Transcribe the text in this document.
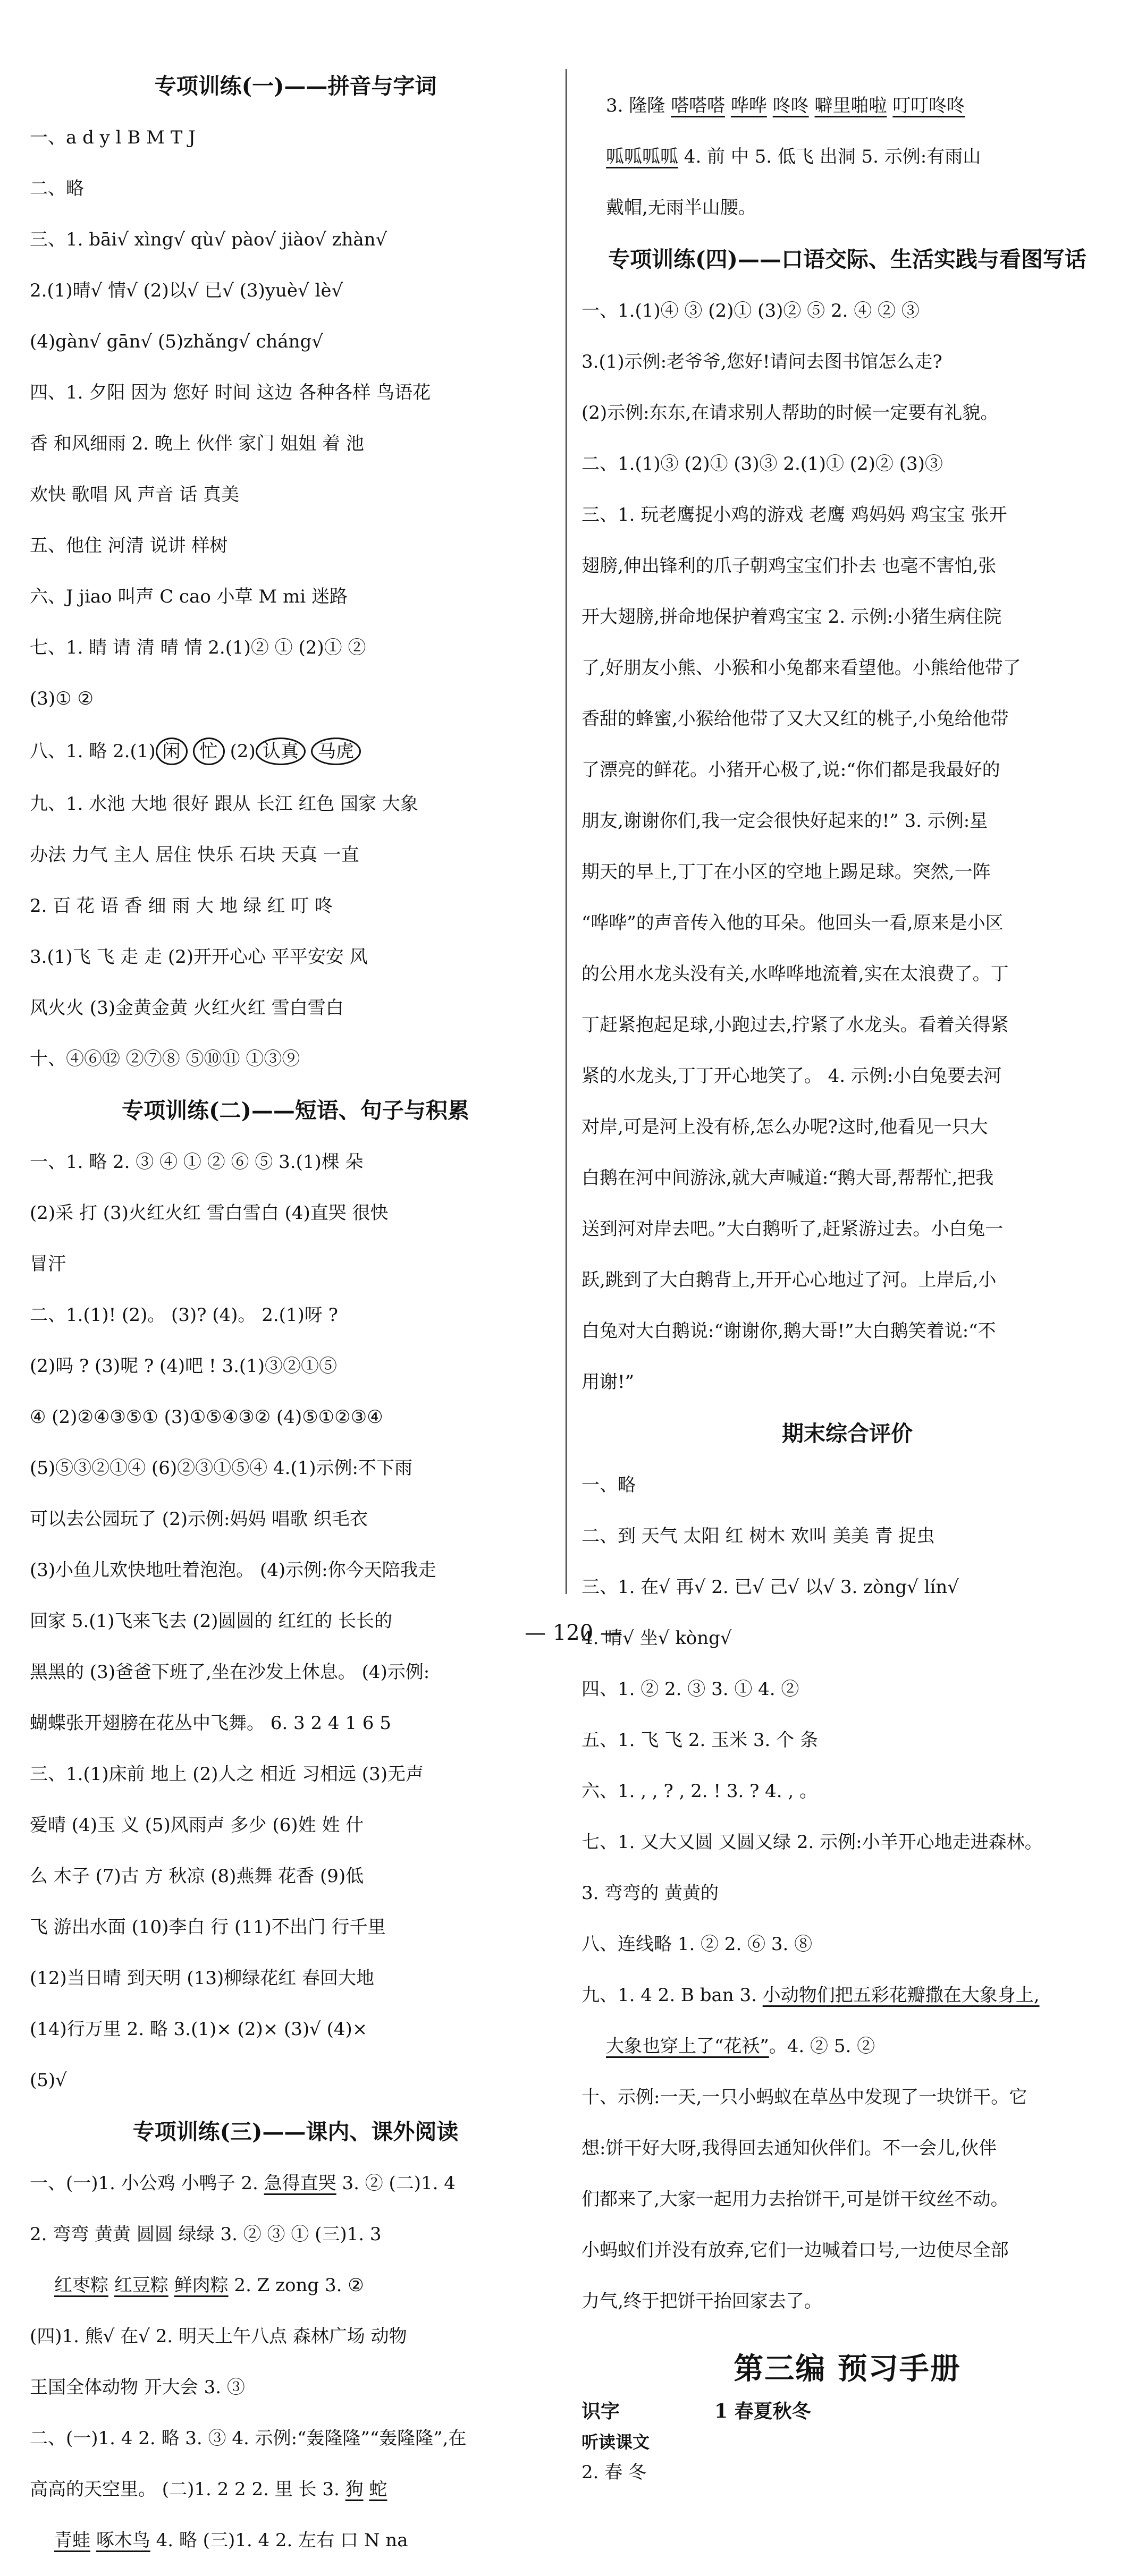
专项训练(一)——拼音与字词

一、a d y l B M T J

二、略

三、1. bāi√ xìng√ qù√ pào√ jiào√ zhàn√

2.(1)晴√ 情√ (2)以√ 已√ (3)yuè√ lè√

(4)gàn√ gān√ (5)zhǎng√ cháng√

四、1. 夕阳 因为 您好 时间 这边 各种各样 鸟语花

香 和风细雨 2. 晚上 伙伴 家门 姐姐 着 池

欢快 歌唱 风 声音 话 真美

五、他住 河清 说讲 样树

六、J jiao 叫声 C cao 小草 M mi 迷路

七、1. 睛 请 清 晴 情 2.(1)② ① (2)① ②

(3)① ②

八、1. 略 2.(1) 闲 忙 (2) 认真 马虎

九、1. 水池 大地 很好 跟从 长江 红色 国家 大象

办法 力气 主人 居住 快乐 石块 天真 一直

2. 百 花 语 香 细 雨 大 地 绿 红 叮 咚

3.(1)飞 飞 走 走 (2)开开心心 平平安安 风

风火火 (3)金黄金黄 火红火红 雪白雪白

十、④⑥⑫ ②⑦⑧ ⑤⑩⑪ ①③⑨

专项训练(二)——短语、句子与积累

一、1. 略 2. ③ ④ ① ② ⑥ ⑤ 3.(1)棵 朵

(2)采 打 (3)火红火红 雪白雪白 (4)直哭 很快

冒汗

二、1.(1)! (2)。 (3)? (4)。 2.(1)呀 ?

(2)吗 ? (3)呢 ? (4)吧 ! 3.(1)③②①⑤

④ (2)②④③⑤① (3)①⑤④③② (4)⑤①②③④

(5)⑤③②①④ (6)②③①⑤④ 4.(1)示例:不下雨

可以去公园玩了 (2)示例:妈妈 唱歌 织毛衣

(3)小鱼儿欢快地吐着泡泡。 (4)示例:你今天陪我走

回家 5.(1)飞来飞去 (2)圆圆的 红红的 长长的

黑黑的 (3)爸爸下班了,坐在沙发上休息。 (4)示例:

蝴蝶张开翅膀在花丛中飞舞。 6. 3 2 4 1 6 5

三、1.(1)床前 地上 (2)人之 相近 习相远 (3)无声

爱晴 (4)玉 义 (5)风雨声 多少 (6)姓 姓 什

么 木子 (7)古 方 秋凉 (8)燕舞 花香 (9)低

飞 游出水面 (10)李白 行 (11)不出门 行千里

(12)当日晴 到天明 (13)柳绿花红 春回大地

(14)行万里 2. 略 3.(1)× (2)× (3)√ (4)×

(5)√

专项训练(三)——课内、课外阅读

一、(一)1. 小公鸡 小鸭子 2. 急得直哭 3. ② (二)1. 4

2. 弯弯 黄黄 圆圆 绿绿 3. ② ③ ① (三)1. 3

红枣粽 红豆粽 鲜肉粽 2. Z zong 3. ②

(四)1. 熊√ 在√ 2. 明天上午八点 森林广场 动物

王国全体动物 开大会 3. ③

二、(一)1. 4 2. 略 3. ③ 4. 示例:“轰隆隆”“轰隆隆”,在

高高的天空里。 (二)1. 2 2 2. 里 长 3. 狗 蛇

青蛙 啄木鸟 4. 略 (三)1. 4 2. 左右 口 N na

3. 隆隆 嗒嗒嗒 哗哗 咚咚 噼里啪啦 叮叮咚咚

呱呱呱呱 4. 前 中 5. 低飞 出洞 5. 示例:有雨山

戴帽,无雨半山腰。

专项训练(四)——口语交际、生活实践与看图写话

一、1.(1)④ ③ (2)① (3)② ⑤ 2. ④ ② ③

3.(1)示例:老爷爷,您好!请问去图书馆怎么走?

(2)示例:东东,在请求别人帮助的时候一定要有礼貌。

二、1.(1)③ (2)① (3)③ 2.(1)① (2)② (3)③

三、1. 玩老鹰捉小鸡的游戏 老鹰 鸡妈妈 鸡宝宝 张开

翅膀,伸出锋利的爪子朝鸡宝宝们扑去 也毫不害怕,张

开大翅膀,拼命地保护着鸡宝宝 2. 示例:小猪生病住院

了,好朋友小熊、小猴和小兔都来看望他。小熊给他带了

香甜的蜂蜜,小猴给他带了又大又红的桃子,小兔给他带

了漂亮的鲜花。小猪开心极了,说:“你们都是我最好的

朋友,谢谢你们,我一定会很快好起来的!” 3. 示例:星

期天的早上,丁丁在小区的空地上踢足球。突然,一阵

“哗哗”的声音传入他的耳朵。他回头一看,原来是小区

的公用水龙头没有关,水哗哗地流着,实在太浪费了。丁

丁赶紧抱起足球,小跑过去,拧紧了水龙头。看着关得紧

紧的水龙头,丁丁开心地笑了。 4. 示例:小白兔要去河

对岸,可是河上没有桥,怎么办呢?这时,他看见一只大

白鹅在河中间游泳,就大声喊道:“鹅大哥,帮帮忙,把我

送到河对岸去吧。”大白鹅听了,赶紧游过去。小白兔一

跃,跳到了大白鹅背上,开开心心地过了河。上岸后,小

白兔对大白鹅说:“谢谢你,鹅大哥!”大白鹅笑着说:“不

用谢!”

期末综合评价

一、略

二、到 天气 太阳 红 树木 欢叫 美美 青 捉虫

三、1. 在√ 再√ 2. 已√ 己√ 以√ 3. zòng√ lín√

4. 晴√ 坐√ kòng√

四、1. ② 2. ③ 3. ① 4. ②

五、1. 飞 飞 2. 玉米 3. 个 条

六、1. , , ? , 2. ! 3. ? 4. , 。

七、1. 又大又圆 又圆又绿 2. 示例:小羊开心地走进森林。

3. 弯弯的 黄黄的

八、连线略 1. ② 2. ⑥ 3. ⑧

九、1. 4 2. B ban 3. 小动物们把五彩花瓣撒在大象身上,

大象也穿上了“花袄”。4. ② 5. ②

十、示例:一天,一只小蚂蚁在草丛中发现了一块饼干。它

想:饼干好大呀,我得回去通知伙伴们。不一会儿,伙伴

们都来了,大家一起用力去抬饼干,可是饼干纹丝不动。

小蚂蚁们并没有放弃,它们一边喊着口号,一边使尽全部

力气,终于把饼干抬回家去了。

第三编 预习手册
识字	1 春夏秋冬
听读课文
2. 春 冬
— 120 —
